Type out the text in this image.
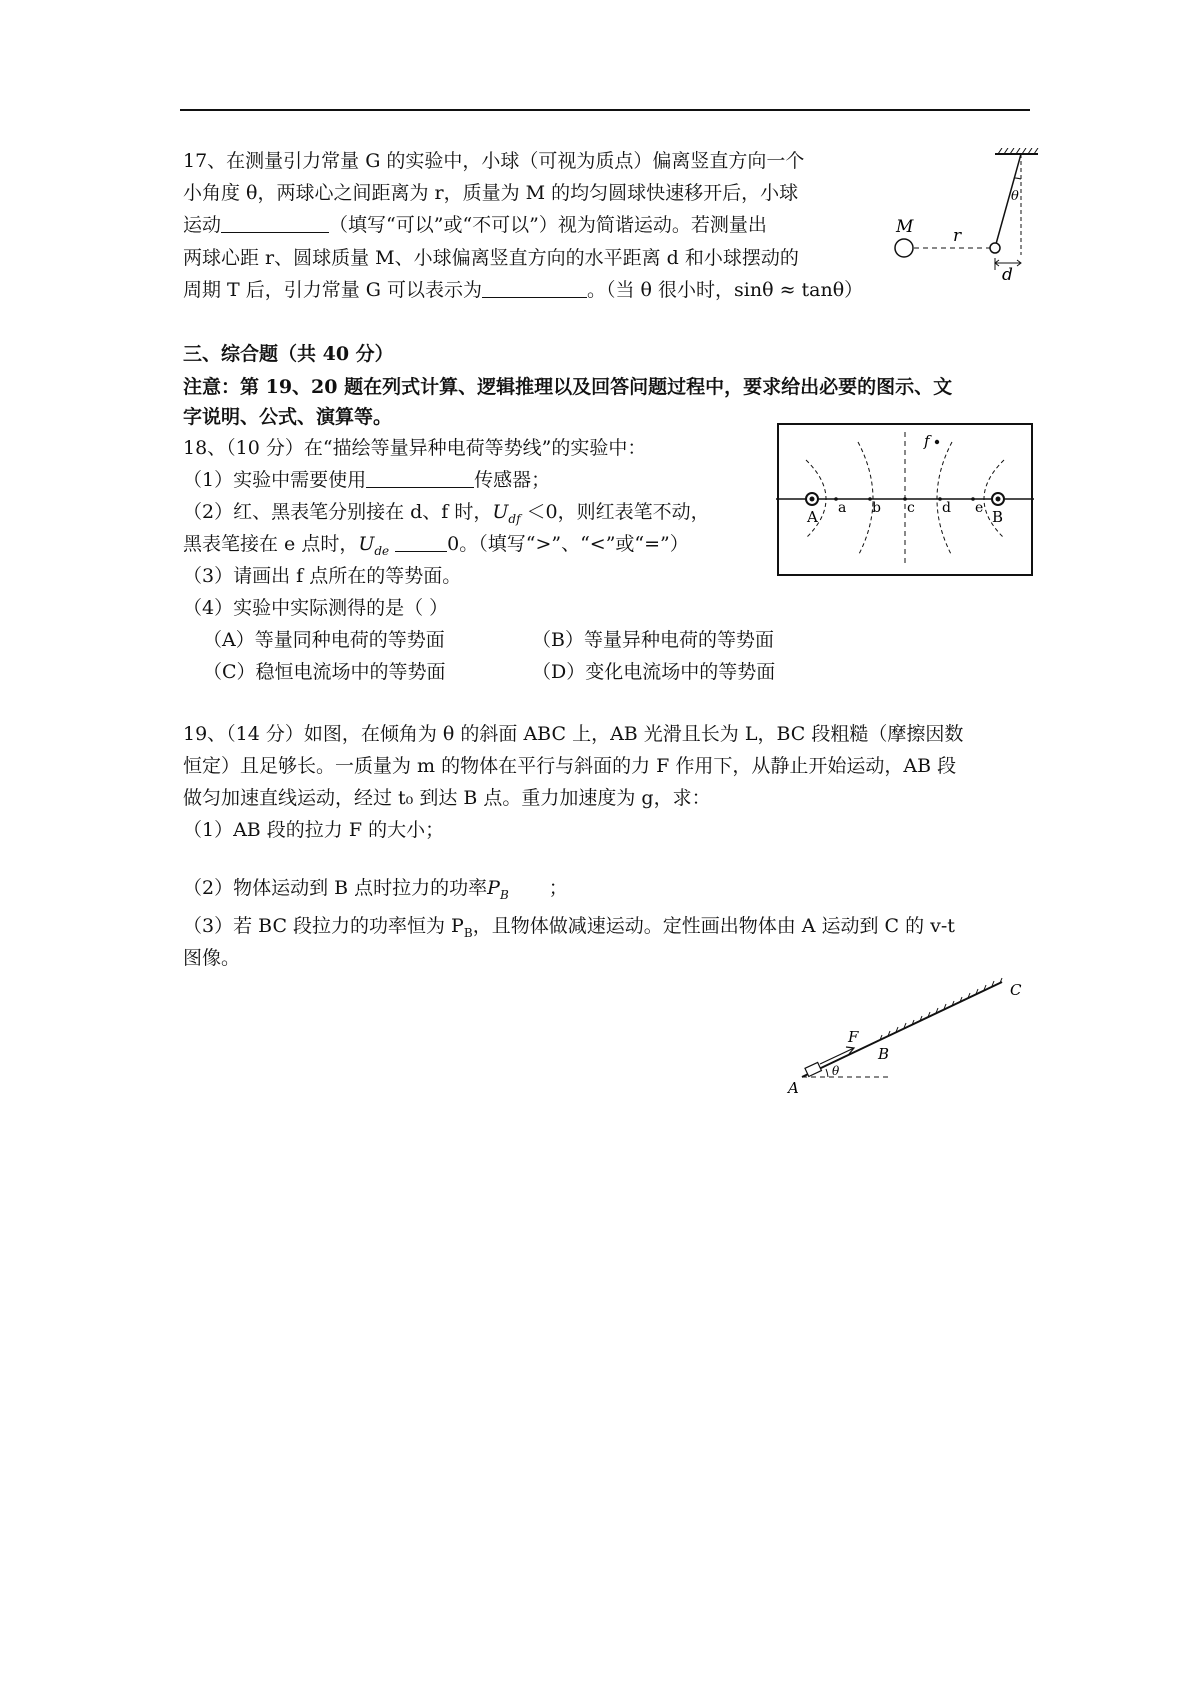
17、在测量引力常量 G 的实验中，小球（可视为质点）偏离竖直方向一个
小角度 θ，两球心之间距离为 r，质量为 M 的均匀圆球快速移开后，小球
运动	（填写“可以”或“不可以”）视为简谐运动。若测量出
两球心距 r、圆球质量 M、小球偏离竖直方向的水平距离 d 和小球摆动的
周期 T 后，引力常量 G 可以表示为	。（当 θ 很小时，sinθ ≈ tanθ）
θ
M r
d
三、综合题（共 40 分）
注意：第 19、20 题在列式计算、逻辑推理以及回答问题过程中，要求给出必要的图示、文
字说明、公式、演算等。
18、（10 分）在“描绘等量异种电荷等势线”的实验中：
（1）实验中需要使用	传感器；
（2）红、黑表笔分别接在 d、f 时，$U_{df} <0$，则红表笔不动，
黑表笔接在 e 点时，$U_{de}$	0。（填写“>”、“<”或“=”）
（3）请画出 f 点所在的等势面。
（4）实验中实际测得的是（ ）
（A）等量同种电荷的等势面	（B）等量异种电荷的等势面
（C）稳恒电流场中的等势面	（D）变化电流场中的等势面
A	B
a b c d e
f
19、（14 分）如图，在倾角为 θ 的斜面 ABC 上，AB 光滑且长为 L，BC 段粗糙（摩擦因数
恒定）且足够长。一质量为 m 的物体在平行与斜面的力 F 作用下，从静止开始运动，AB 段
做匀加速直线运动，经过 t₀ 到达 B 点。重力加速度为 g，求：
（1）AB 段的拉力 F 的大小；
（2）物体运动到 B 点时拉力的功率$P_B$ ；
（3）若 BC 段拉力的功率恒为 $P_B$，且物体做减速运动。定性画出物体由 A 运动到 C 的 v-t
图像。
F
θ
A
B
C
